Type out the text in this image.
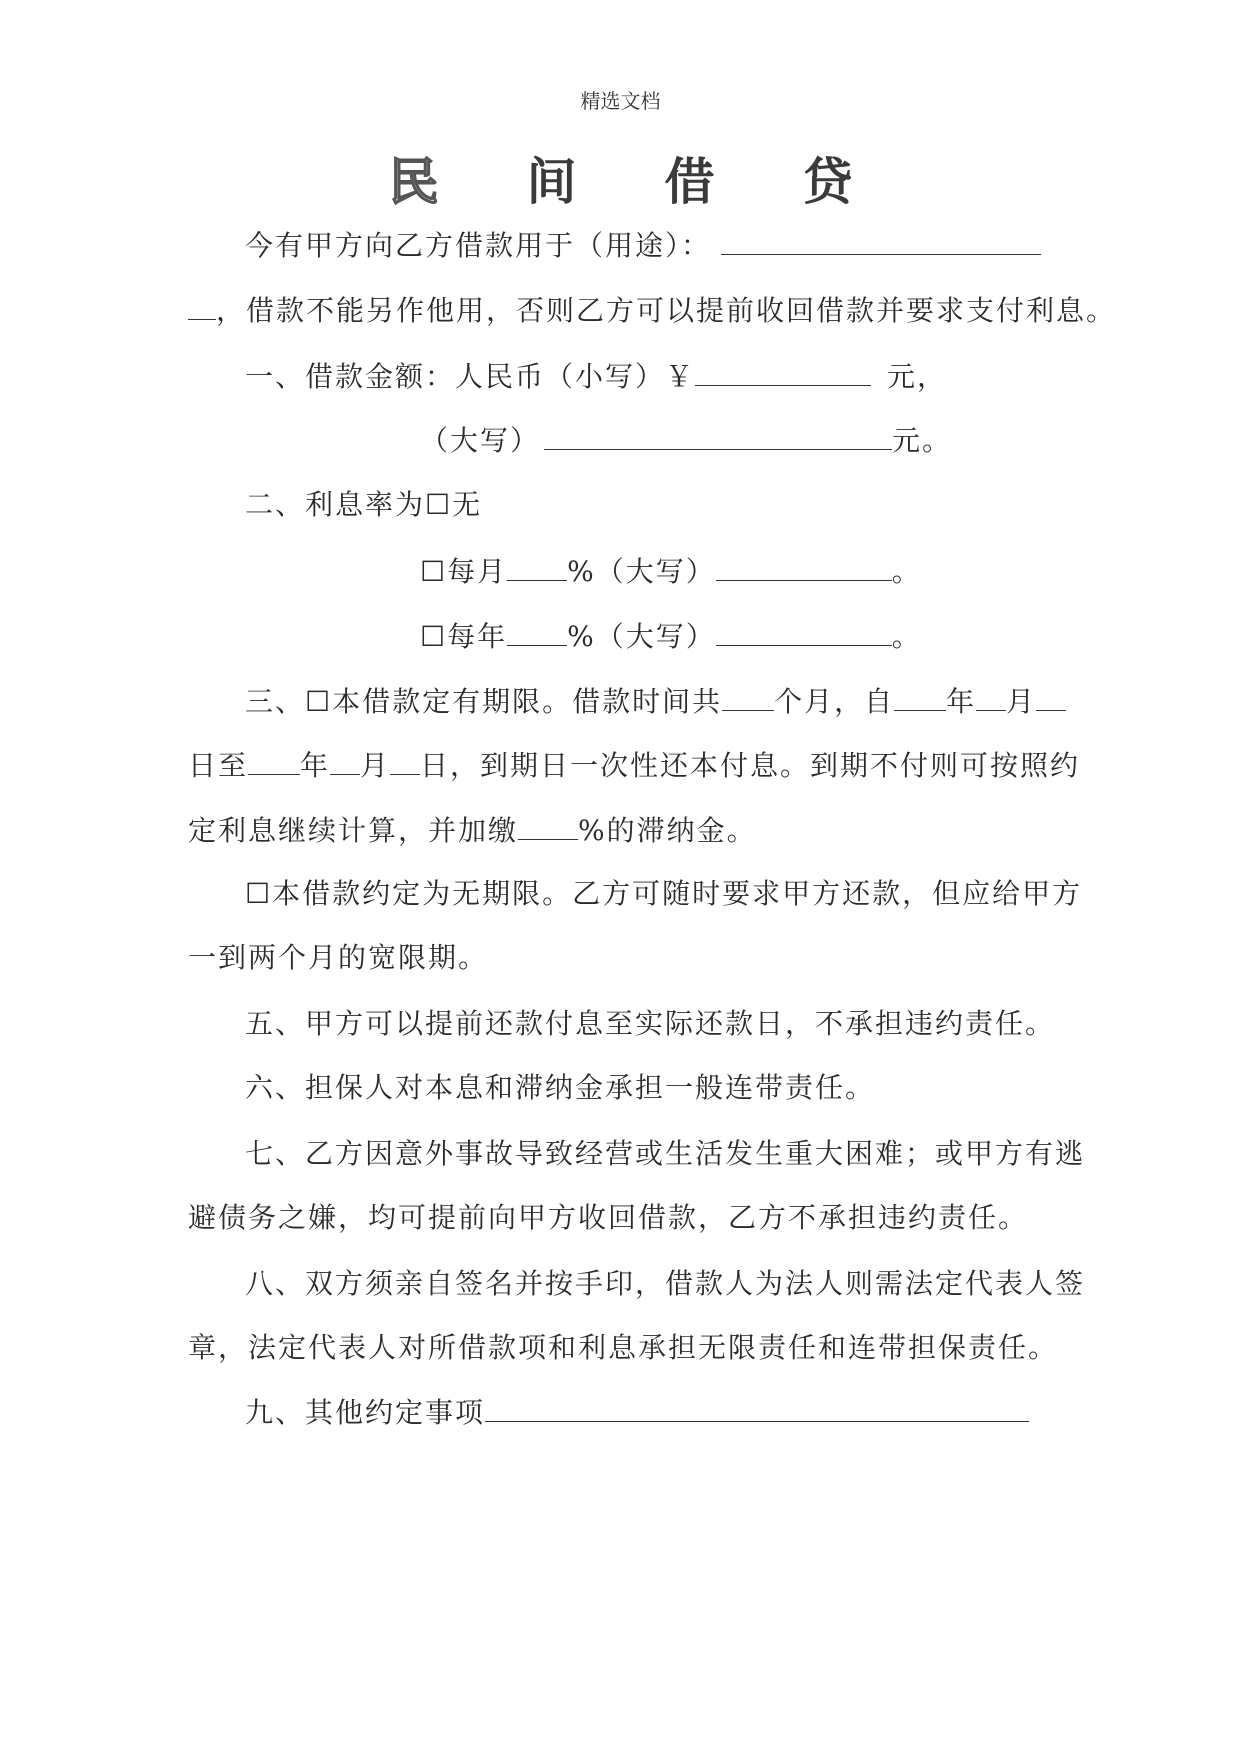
精选文档
民 间 借 贷
今有甲方向乙方借款用于（用途）：
，借款不能另作他用，否则乙方可以提前收回借款并要求支付利息。
一、借款金额：人民币（小写）￥	元，
（大写）	元。
二、利息率为☐无
☐每月 %（大写）	。
☐每年 %（大写）	。
三、☐本借款定有期限。借款时间共 个月，自 年 月
日至 年 月 日，到期日一次性还本付息。到期不付则可按照约
定利息继续计算，并加缴 %的滞纳金。
☐本借款约定为无期限。乙方可随时要求甲方还款，但应给甲方
一到两个月的宽限期。
五、甲方可以提前还款付息至实际还款日，不承担违约责任。
六、担保人对本息和滞纳金承担一般连带责任。
七、乙方因意外事故导致经营或生活发生重大困难；或甲方有逃
避债务之嫌，均可提前向甲方收回借款，乙方不承担违约责任。
八、双方须亲自签名并按手印，借款人为法人则需法定代表人签
章，法定代表人对所借款项和利息承担无限责任和连带担保责任。
九、其他约定事项
